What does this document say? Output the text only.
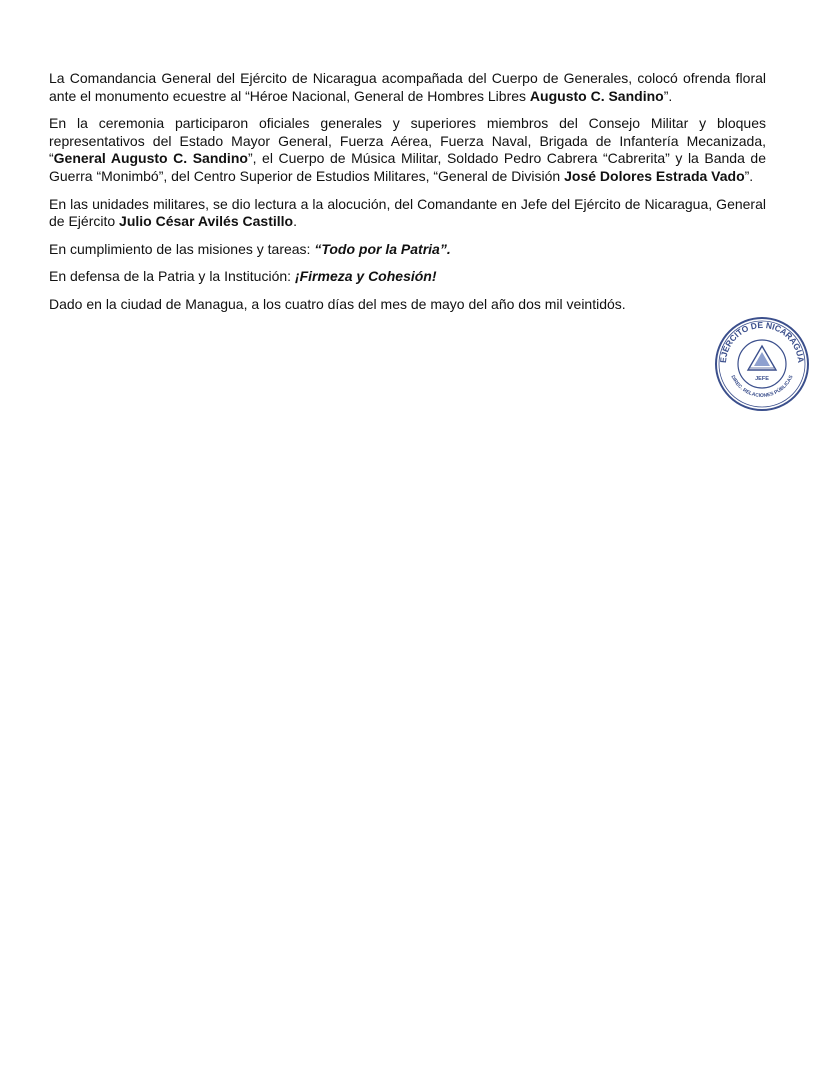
La Comandancia General del Ejército de Nicaragua acompañada del Cuerpo de Generales, colocó ofrenda floral ante el monumento ecuestre al “Héroe Nacional, General de Hombres Libres Augusto C. Sandino”.

En la ceremonia participaron oficiales generales y superiores miembros del Consejo Militar y bloques representativos del Estado Mayor General, Fuerza Aérea, Fuerza Naval, Brigada de Infantería Mecanizada, “General Augusto C. Sandino”, el Cuerpo de Música Militar, Soldado Pedro Cabrera “Cabrerita” y la Banda de Guerra “Monimbó”, del Centro Superior de Estudios Militares, “General de División José Dolores Estrada Vado”.

En las unidades militares, se dio lectura a la alocución, del Comandante en Jefe del Ejército de Nicaragua, General de Ejército Julio César Avilés Castillo.

En cumplimiento de las misiones y tareas: “Todo por la Patria”.

En defensa de la Patria y la Institución: ¡Firmeza y Cohesión!

Dado en la ciudad de Managua, a los cuatro días del mes de mayo del año dos mil veintidós.

EJÉRCITO DE NICARAGUA
JEFE
DIREC. RELACIONES PÚBLICAS
